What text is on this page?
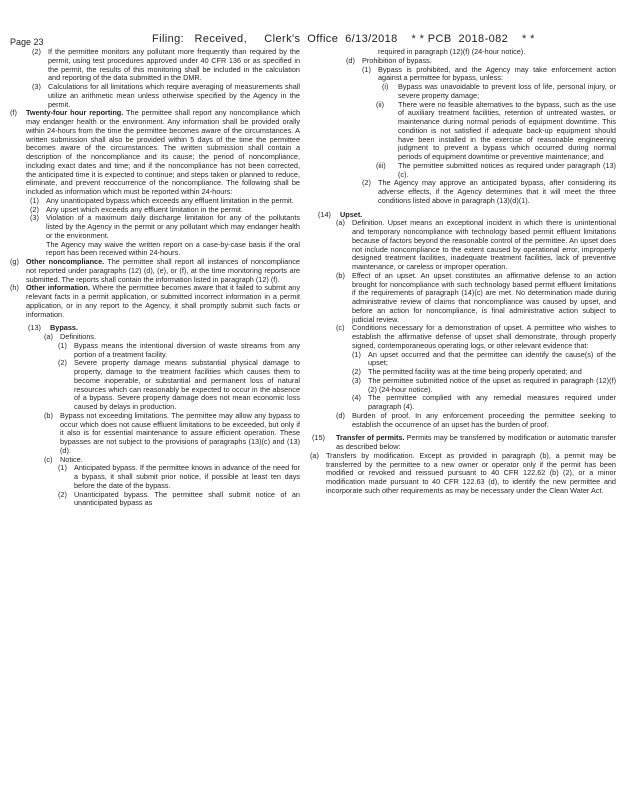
Page 23	Filing:   Received,     Clerk's  Office  6/13/2018    * * PCB  2018-082    * *
(2) If the permittee monitors any pollutant more frequently than required by the permit, using test procedures approved under 40 CFR 136 or as specified in the permit, the results of this monitoring shall be included in the calculation and reporting of the data submitted in the DMR.
(3) Calculations for all limitations which require averaging of measurements shall utilize an arithmetic mean unless otherwise specified by the Agency in the permit.
(f) Twenty-four hour reporting. The permittee shall report any noncompliance which may endanger health or the environment. Any information shall be provided orally within 24-hours from the time the permittee becomes aware of the circumstances. A written submission shall also be provided within 5 days of the time the permittee becomes aware of the circumstances. The written submission shall contain a description of the noncompliance and its cause; the period of noncompliance, including exact dates and time; and if the noncompliance has not been corrected, the anticipated time it is expected to continue; and steps taken or planned to reduce, eliminate, and prevent reoccurrence of the noncompliance. The following shall be included as information which must be reported within 24-hours:
(1) Any unanticipated bypass which exceeds any effluent limitation in the permit.
(2) Any upset which exceeds any effluent limitation in the permit.
(3) Violation of a maximum daily discharge limitation for any of the pollutants listed by the Agency in the permit or any pollutant which may endanger health or the environment.
The Agency may waive the written report on a case-by-case basis if the oral report has been received within 24-hours.
(g) Other noncompliance. The permittee shall report all instances of noncompliance not reported under paragraphs (12) (d), (e), or (f), at the time monitoring reports are submitted. The reports shall contain the information listed in paragraph (12) (f).
(h) Other information. Where the permittee becomes aware that it failed to submit any relevant facts in a permit application, or submitted incorrect information in a permit application, or in any report to the Agency, it shall promptly submit such facts or information.
(13) Bypass.
(a) Definitions.
(1) Bypass means the intentional diversion of waste streams from any portion of a treatment facility.
(2) Severe property damage means substantial physical damage to property, damage to the treatment facilities which causes them to become inoperable, or substantial and permanent loss of natural resources which can reasonably be expected to occur in the absence of a bypass. Severe property damage does not mean economic loss caused by delays in production.
(b) Bypass not exceeding limitations. The permittee may allow any bypass to occur which does not cause effluent limitations to be exceeded, but only if it also is for essential maintenance to assure efficient operation. These bypasses are not subject to the provisions of paragraphs (13)(c) and (13)(d).
(c) Notice.
(1) Anticipated bypass. If the permittee knows in advance of the need for a bypass, it shall submit prior notice, if possible at least ten days before the date of the bypass.
(2) Unanticipated bypass. The permittee shall submit notice of an unanticipated bypass as
required in paragraph (12)(f) (24-hour notice).
(d) Prohibition of bypass.
(1) Bypass is prohibited, and the Agency may take enforcement action against a permittee for bypass, unless:
(i) Bypass was unavoidable to prevent loss of life, personal injury, or severe property damage;
(ii) There were no feasible alternatives to the bypass, such as the use of auxiliary treatment facilities, retention of untreated wastes, or maintenance during normal periods of equipment downtime. This condition is not satisfied if adequate back-up equipment should have been installed in the exercise of reasonable engineering judgment to prevent a bypass which occurred during normal periods of equipment downtime or preventive maintenance; and
(iii) The permittee submitted notices as required under paragraph (13)(c).
(2) The Agency may approve an anticipated bypass, after considering its adverse effects, if the Agency determines that it will meet the three conditions listed above in paragraph (13)(d)(1).
(14) Upset.
(a) Definition. Upset means an exceptional incident in which there is unintentional and temporary noncompliance with technology based permit effluent limitations because of factors beyond the reasonable control of the permittee. An upset does not include noncompliance to the extent caused by operational error, improperly designed treatment facilities, inadequate treatment facilities, lack of preventive maintenance, or careless or improper operation.
(b) Effect of an upset. An upset constitutes an affirmative defense to an action brought for noncompliance with such technology based permit effluent limitations if the requirements of paragraph (14)(c) are met. No determination made during administrative review of claims that noncompliance was caused by upset, and before an action for noncompliance, is final administrative action subject to judicial review.
(c) Conditions necessary for a demonstration of upset. A permittee who wishes to establish the affirmative defense of upset shall demonstrate, through properly signed, contemporaneous operating logs, or other relevant evidence that:
(1) An upset occurred and that the permittee can identify the cause(s) of the upset;
(2) The permitted facility was at the time being properly operated; and
(3) The permittee submitted notice of the upset as required in paragraph (12)(f)(2) (24-hour notice).
(4) The permittee complied with any remedial measures required under paragraph (4).
(d) Burden of proof. In any enforcement proceeding the permittee seeking to establish the occurrence of an upset has the burden of proof.
(15) Transfer of permits. Permits may be transferred by modification or automatic transfer as described below:
(a) Transfers by modification. Except as provided in paragraph (b), a permit may be transferred by the permittee to a new owner or operator only if the permit has been modified or revoked and reissued pursuant to 40 CFR 122.62 (b) (2), or a minor modification made pursuant to 40 CFR 122.63 (d), to identify the new permittee and incorporate such other requirements as may be necessary under the Clean Water Act.
